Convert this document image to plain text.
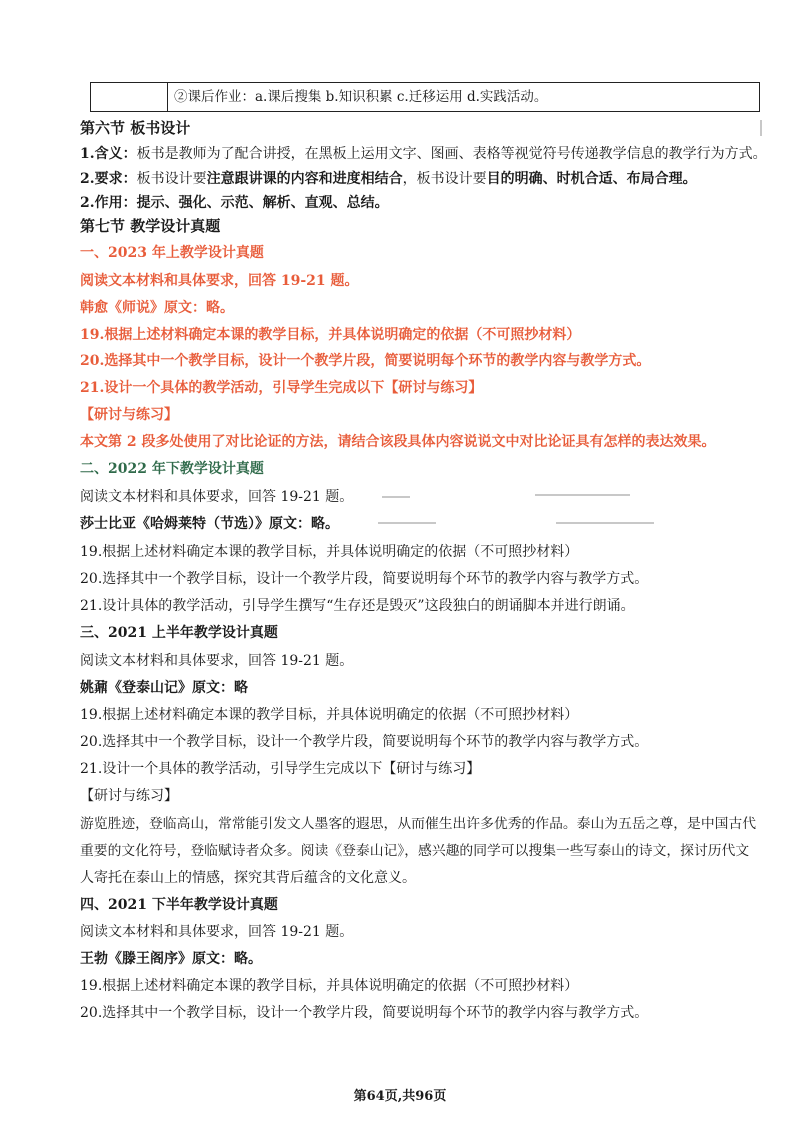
②课后作业：a.课后搜集 b.知识积累 c.迁移运用 d.实践活动。
第六节 板书设计
1.含义：板书是教师为了配合讲授，在黑板上运用文字、图画、表格等视觉符号传递教学信息的教学行为方式。
2.要求：板书设计要注意跟讲课的内容和进度相结合，板书设计要目的明确、时机合适、布局合理。
2.作用：提示、强化、示范、解析、直观、总结。
第七节 教学设计真题
一、2023 年上教学设计真题
阅读文本材料和具体要求，回答 19-21 题。
韩愈《师说》原文：略。
19.根据上述材料确定本课的教学目标，并具体说明确定的依据（不可照抄材料）
20.选择其中一个教学目标，设计一个教学片段，简要说明每个环节的教学内容与教学方式。
21.设计一个具体的教学活动，引导学生完成以下【研讨与练习】
【研讨与练习】
本文第 2 段多处使用了对比论证的方法，请结合该段具体内容说说文中对比论证具有怎样的表达效果。
二、2022 年下教学设计真题
阅读文本材料和具体要求，回答 19-21 题。
莎士比亚《哈姆莱特（节选）》原文：略。
19.根据上述材料确定本课的教学目标，并具体说明确定的依据（不可照抄材料）
20.选择其中一个教学目标，设计一个教学片段，简要说明每个环节的教学内容与教学方式。
21.设计具体的教学活动，引导学生撰写“生存还是毁灭”这段独白的朗诵脚本并进行朗诵。
三、2021 上半年教学设计真题
阅读文本材料和具体要求，回答 19-21 题。
姚鼐《登泰山记》原文：略
19.根据上述材料确定本课的教学目标，并具体说明确定的依据（不可照抄材料）
20.选择其中一个教学目标，设计一个教学片段，简要说明每个环节的教学内容与教学方式。
21.设计一个具体的教学活动，引导学生完成以下【研讨与练习】
【研讨与练习】
游览胜迹，登临高山，常常能引发文人墨客的遐思，从而催生出许多优秀的作品。泰山为五岳之尊，是中国古代
重要的文化符号，登临赋诗者众多。阅读《登泰山记》，感兴趣的同学可以搜集一些写泰山的诗文，探讨历代文
人寄托在泰山上的情感，探究其背后蕴含的文化意义。
四、2021 下半年教学设计真题
阅读文本材料和具体要求，回答 19-21 题。
王勃《滕王阁序》原文：略。
19.根据上述材料确定本课的教学目标，并具体说明确定的依据（不可照抄材料）
20.选择其中一个教学目标，设计一个教学片段，简要说明每个环节的教学内容与教学方式。
第64页,共96页
